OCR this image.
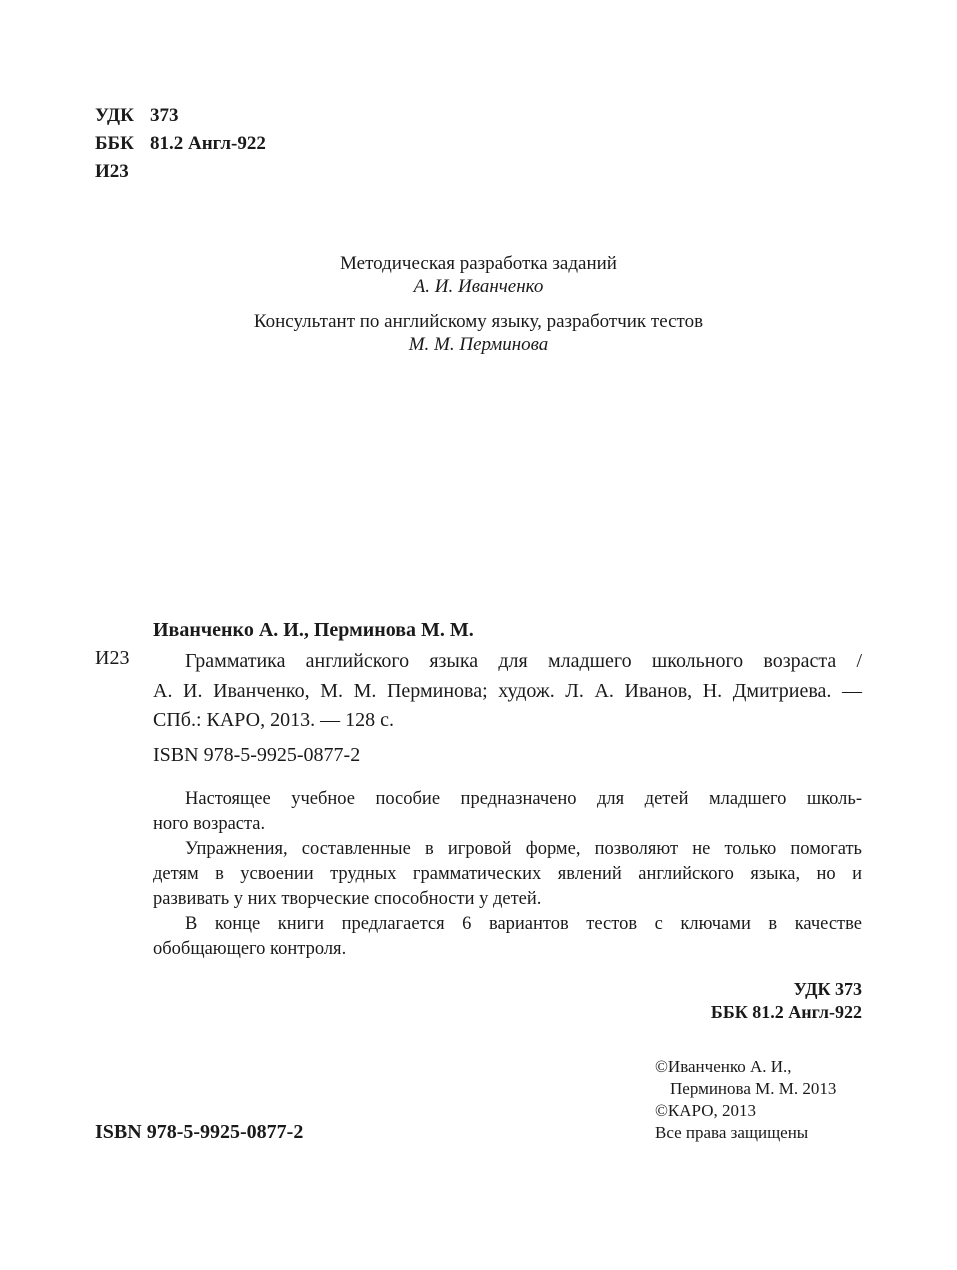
УДК 373
ББК 81.2 Англ-922
И23
Методическая разработка заданий
А. И. Иванченко
Консультант по английскому языку, разработчик тестов
М. М. Перминова
Иванченко А. И., Перминова М. М.
И23	Грамматика английского языка для младшего школьного возраста /
А. И. Иванченко, М. М. Перминова; худож. Л. А. Иванов, Н. Дмитриева. —
СПб.: КАРО, 2013. — 128 с.
ISBN 978-5-9925-0877-2
Настоящее учебное пособие предназначено для детей младшего школь-
ного возраста.
Упражнения, составленные в игровой форме, позволяют не только помогать
детям в усвоении трудных грамматических явлений английского языка, но и
развивать у них творческие способности у детей.
В конце книги предлагается 6 вариантов тестов с ключами в качестве
обобщающего контроля.
УДК 373
ББК 81.2 Англ-922
©Иванченко А. И.,
Перминова М. М. 2013
©КАРО, 2013
Все права защищены
ISBN 978-5-9925-0877-2
